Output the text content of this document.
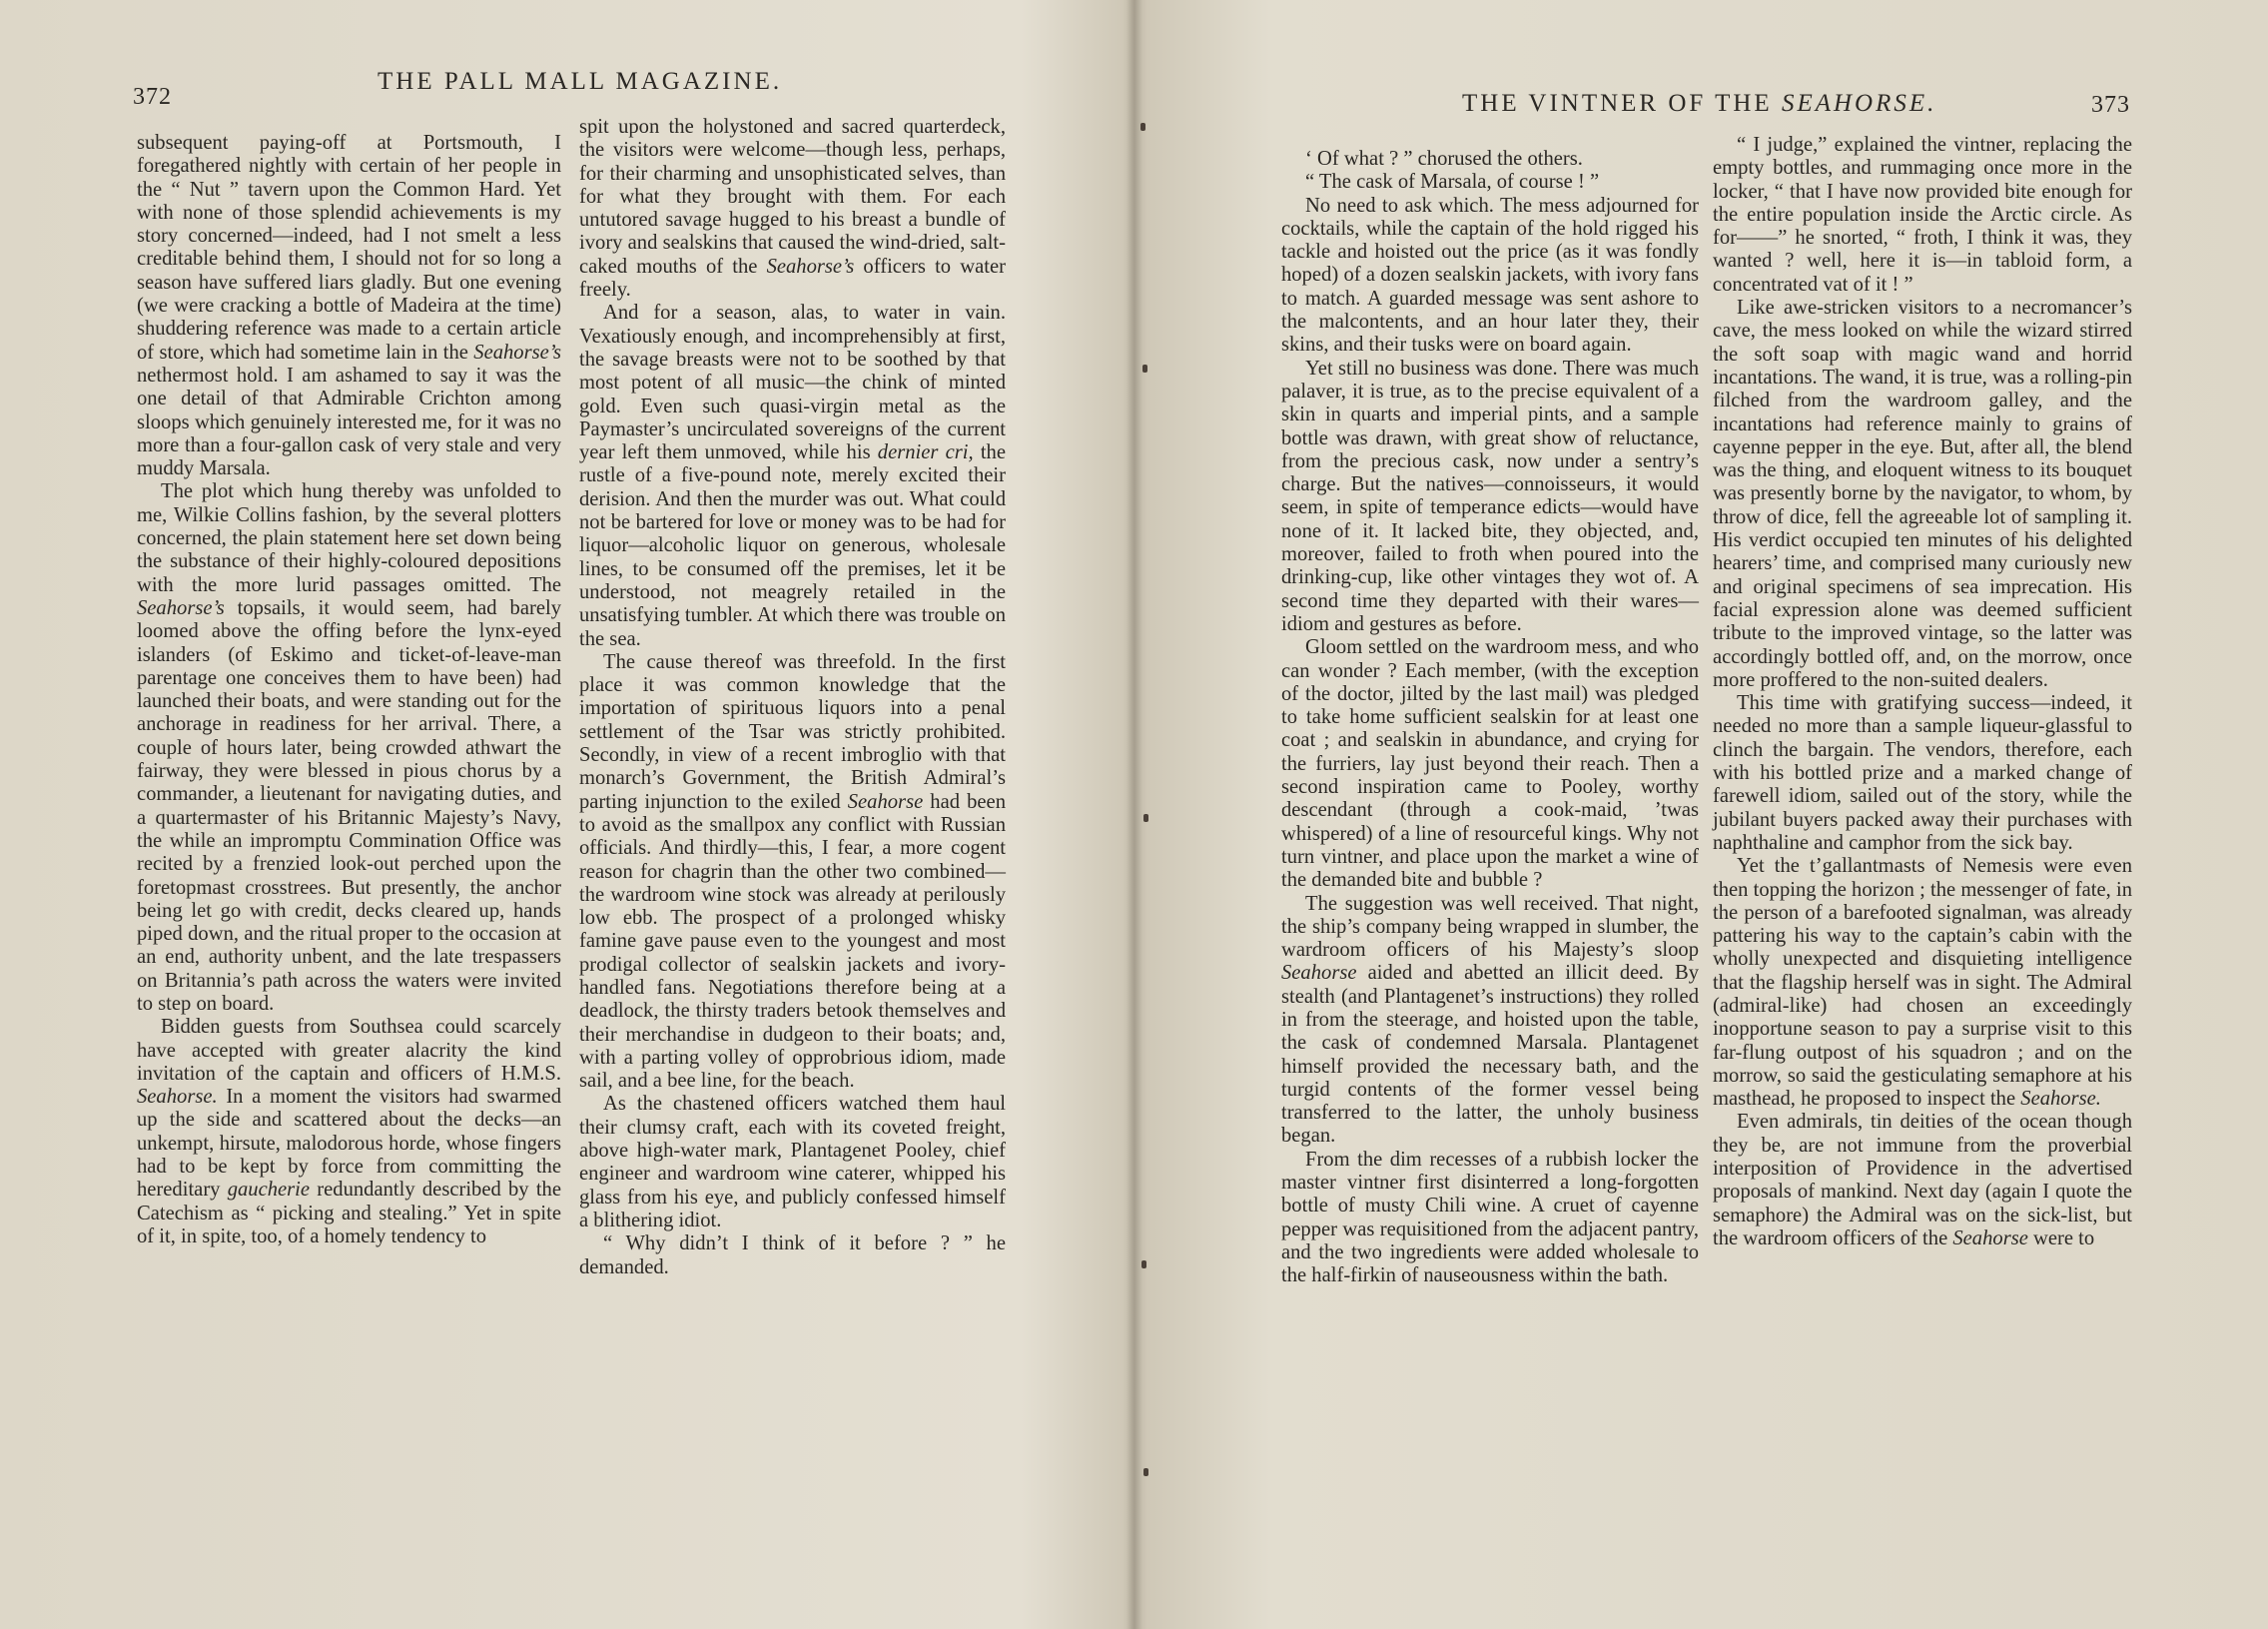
372
THE PALL MALL MAGAZINE.

subsequent paying-off at Portsmouth, I foregathered nightly with certain of her people in the “ Nut ” tavern upon the Common Hard. Yet with none of those splendid achievements is my story concerned—indeed, had I not smelt a less creditable behind them, I should not for so long a season have suffered liars gladly. But one evening (we were cracking a bottle of Madeira at the time) shuddering reference was made to a certain article of store, which had sometime lain in the Seahorse’s nethermost hold. I am ashamed to say it was the one detail of that Admirable Crichton among sloops which genuinely interested me, for it was no more than a four-gallon cask of very stale and very muddy Marsala.

The plot which hung thereby was unfolded to me, Wilkie Collins fashion, by the several plotters concerned, the plain statement here set down being the substance of their highly-coloured depositions with the more lurid passages omitted. The Seahorse’s topsails, it would seem, had barely loomed above the offing before the lynx-eyed islanders (of Eskimo and ticket-of-leave-man parentage one conceives them to have been) had launched their boats, and were standing out for the anchorage in readiness for her arrival. There, a couple of hours later, being crowded athwart the fairway, they were blessed in pious chorus by a commander, a lieutenant for navigating duties, and a quartermaster of his Britannic Majesty’s Navy, the while an impromptu Commination Office was recited by a frenzied look-out perched upon the foretopmast crosstrees. But presently, the anchor being let go with credit, decks cleared up, hands piped down, and the ritual proper to the occasion at an end, authority unbent, and the late trespassers on Britannia’s path across the waters were invited to step on board.

Bidden guests from Southsea could scarcely have accepted with greater alacrity the kind invitation of the captain and officers of H.M.S. Seahorse. In a moment the visitors had swarmed up the side and scattered about the decks—an unkempt, hirsute, malodorous horde, whose fingers had to be kept by force from committing the hereditary gaucherie redundantly described by the Catechism as “ picking and stealing.” Yet in spite of it, in spite, too, of a homely tendency to

spit upon the holystoned and sacred quarterdeck, the visitors were welcome—though less, perhaps, for their charming and unsophisticated selves, than for what they brought with them. For each untutored savage hugged to his breast a bundle of ivory and sealskins that caused the wind-dried, salt-caked mouths of the Seahorse’s officers to water freely.

And for a season, alas, to water in vain. Vexatiously enough, and incomprehensibly at first, the savage breasts were not to be soothed by that most potent of all music—the chink of minted gold. Even such quasi-virgin metal as the Paymaster’s uncirculated sovereigns of the current year left them unmoved, while his dernier cri, the rustle of a five-pound note, merely excited their derision. And then the murder was out. What could not be bartered for love or money was to be had for liquor—alcoholic liquor on generous, wholesale lines, to be consumed off the premises, let it be understood, not meagrely retailed in the unsatisfying tumbler. At which there was trouble on the sea.

The cause thereof was threefold. In the first place it was common knowledge that the importation of spirituous liquors into a penal settlement of the Tsar was strictly prohibited. Secondly, in view of a recent imbroglio with that monarch’s Government, the British Admiral’s parting injunction to the exiled Seahorse had been to avoid as the smallpox any conflict with Russian officials. And thirdly—this, I fear, a more cogent reason for chagrin than the other two combined—the wardroom wine stock was already at perilously low ebb. The prospect of a prolonged whisky famine gave pause even to the youngest and most prodigal collector of sealskin jackets and ivory-handled fans. Negotiations therefore being at a deadlock, the thirsty traders betook themselves and their merchandise in dudgeon to their boats; and, with a parting volley of opprobrious idiom, made sail, and a bee line, for the beach.

As the chastened officers watched them haul their clumsy craft, each with its coveted freight, above high-water mark, Plantagenet Pooley, chief engineer and wardroom wine caterer, whipped his glass from his eye, and publicly confessed himself a blithering idiot.

“ Why didn’t I think of it before ? ” he demanded.

THE VINTNER OF THE SEAHORSE.	373

‘ Of what ? ” chorused the others.

“ The cask of Marsala, of course ! ”

No need to ask which. The mess adjourned for cocktails, while the captain of the hold rigged his tackle and hoisted out the price (as it was fondly hoped) of a dozen sealskin jackets, with ivory fans to match. A guarded message was sent ashore to the malcontents, and an hour later they, their skins, and their tusks were on board again.

Yet still no business was done. There was much palaver, it is true, as to the precise equivalent of a skin in quarts and imperial pints, and a sample bottle was drawn, with great show of reluctance, from the precious cask, now under a sentry’s charge. But the natives—connoisseurs, it would seem, in spite of temperance edicts—would have none of it. It lacked bite, they objected, and, moreover, failed to froth when poured into the drinking-cup, like other vintages they wot of. A second time they departed with their wares—idiom and gestures as before.

Gloom settled on the wardroom mess, and who can wonder ? Each member, (with the exception of the doctor, jilted by the last mail) was pledged to take home sufficient sealskin for at least one coat ; and sealskin in abundance, and crying for the furriers, lay just beyond their reach. Then a second inspiration came to Pooley, worthy descendant (through a cook-maid, ’twas whispered) of a line of resourceful kings. Why not turn vintner, and place upon the market a wine of the demanded bite and bubble ?

The suggestion was well received. That night, the ship’s company being wrapped in slumber, the wardroom officers of his Majesty’s sloop Seahorse aided and abetted an illicit deed. By stealth (and Plantagenet’s instructions) they rolled in from the steerage, and hoisted upon the table, the cask of condemned Marsala. Plantagenet himself provided the necessary bath, and the turgid contents of the former vessel being transferred to the latter, the unholy business began.

From the dim recesses of a rubbish locker the master vintner first disinterred a long-forgotten bottle of musty Chili wine. A cruet of cayenne pepper was requisitioned from the adjacent pantry, and the two ingredients were added wholesale to the half-firkin of nauseousness within the bath.

“ I judge,” explained the vintner, replacing the empty bottles, and rummaging once more in the locker, “ that I have now provided bite enough for the entire population inside the Arctic circle. As for——” he snorted, “ froth, I think it was, they wanted ? well, here it is—in tabloid form, a concentrated vat of it ! ”

Like awe-stricken visitors to a necromancer’s cave, the mess looked on while the wizard stirred the soft soap with magic wand and horrid incantations. The wand, it is true, was a rolling-pin filched from the wardroom galley, and the incantations had reference mainly to grains of cayenne pepper in the eye. But, after all, the blend was the thing, and eloquent witness to its bouquet was presently borne by the navigator, to whom, by throw of dice, fell the agreeable lot of sampling it. His verdict occupied ten minutes of his delighted hearers’ time, and comprised many curiously new and original specimens of sea imprecation. His facial expression alone was deemed sufficient tribute to the improved vintage, so the latter was accordingly bottled off, and, on the morrow, once more proffered to the non-suited dealers.

This time with gratifying success—indeed, it needed no more than a sample liqueur-glassful to clinch the bargain. The vendors, therefore, each with his bottled prize and a marked change of farewell idiom, sailed out of the story, while the jubilant buyers packed away their purchases with naphthaline and camphor from the sick bay.

Yet the t’gallantmasts of Nemesis were even then topping the horizon ; the messenger of fate, in the person of a barefooted signalman, was already pattering his way to the captain’s cabin with the wholly unexpected and disquieting intelligence that the flagship herself was in sight. The Admiral (admiral-like) had chosen an exceedingly inopportune season to pay a surprise visit to this far-flung outpost of his squadron ; and on the morrow, so said the gesticulating semaphore at his masthead, he proposed to inspect the Seahorse.

Even admirals, tin deities of the ocean though they be, are not immune from the proverbial interposition of Providence in the advertised proposals of mankind. Next day (again I quote the semaphore) the Admiral was on the sick-list, but the wardroom officers of the Seahorse were to
